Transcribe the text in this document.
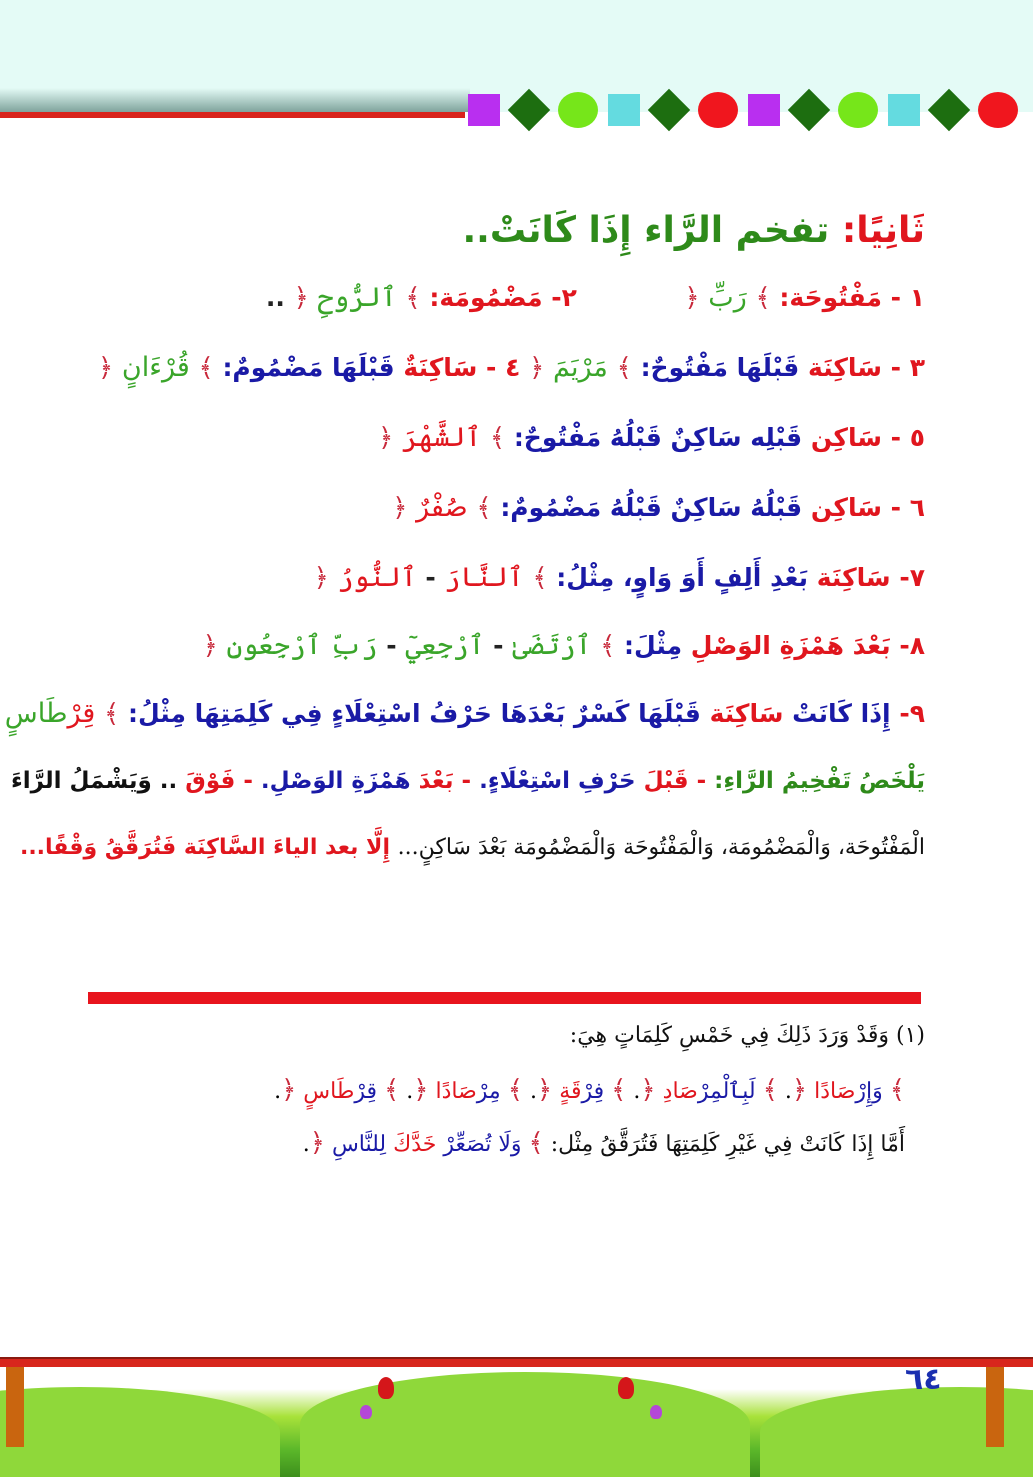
ثَانِيًا: تفخم الرَّاء إِذَا كَانَتْ..
١ - مَفْتُوحَة: ﴾ رَبِّ ﴿  ٢- مَضْمُومَة: ﴾ ٱلرُّوحِ ﴿ ..
٣ - سَاكِنَة قَبْلَهَا مَفْتُوحٌ: ﴾ مَرْيَمَ ﴿ ٤ - سَاكِنَةٌ قَبْلَهَا مَضْمُومٌ: ﴾ قُرْءَانٍ ﴿
٥ - سَاكِن قَبْلِه سَاكِنٌ قَبْلُهُ مَفْتُوحٌ: ﴾ ٱلشَّهْرَ ﴿
٦ - سَاكِن قَبْلُهُ سَاكِنٌ قَبْلُهُ مَضْمُومٌ: ﴾ صُفْرٌ ﴿
٧- سَاكِنَة بَعْدِ أَلِفٍ أَوَ وَاوٍ، مِثْلُ: ﴾ ٱلنَّارَ - ٱلنُّورُ ﴿
٨- بَعْدَ هَمْزَةِ الوَصْلِ مِثْلَ: ﴾ ٱرْتَضَىٰ - ٱرْجِعِيٓ - رَبِّ ٱرْجِعُونِ ﴿
٩- إِذَا كَانَتْ سَاكِنَة قَبْلَهَا كَسْرٌ بَعْدَهَا حَرْفُ اسْتِعْلَاءٍ فِي كَلِمَتِهَا مِثْلُ: ﴾ قِرْطَاسٍ
يَلْخَصُ تَفْخِيمُ الرَّاءِ: - قَبْلَ حَرْفِ اسْتِعْلَاءٍ. - بَعْدَ هَمْزَةِ الوَصْلِ. - فَوْقَ .. وَيَشْمَلُ الرَّاءَ
الْمَفْتُوحَة، وَالْمَضْمُومَة، وَالْمَفْتُوحَة وَالْمَضْمُومَة بَعْدَ سَاكِنٍ... إِلَّا بعد الياءَ السَّاكِنَة فَتُرَقَّقُ وَقْفًا...
(١) وَقَدْ وَرَدَ ذَلِكَ فِي خَمْسِ كَلِمَاتٍ هِيَ:
﴾ وَإِرْصَادًا ﴿. ﴾ لَبِٱلْمِرْصَادِ ﴿. ﴾ فِرْقَةٍ ﴿. ﴾ مِرْصَادًا ﴿. ﴾ قِرْطَاسٍ ﴿.
أَمَّا إِذَا كَانَتْ فِي غَيْرِ كَلِمَتِهَا فَتُرَقَّقُ مِثْل: ﴾ وَلَا تُصَعِّرْ خَدَّكَ لِلنَّاسِ ﴿.
٦٤
